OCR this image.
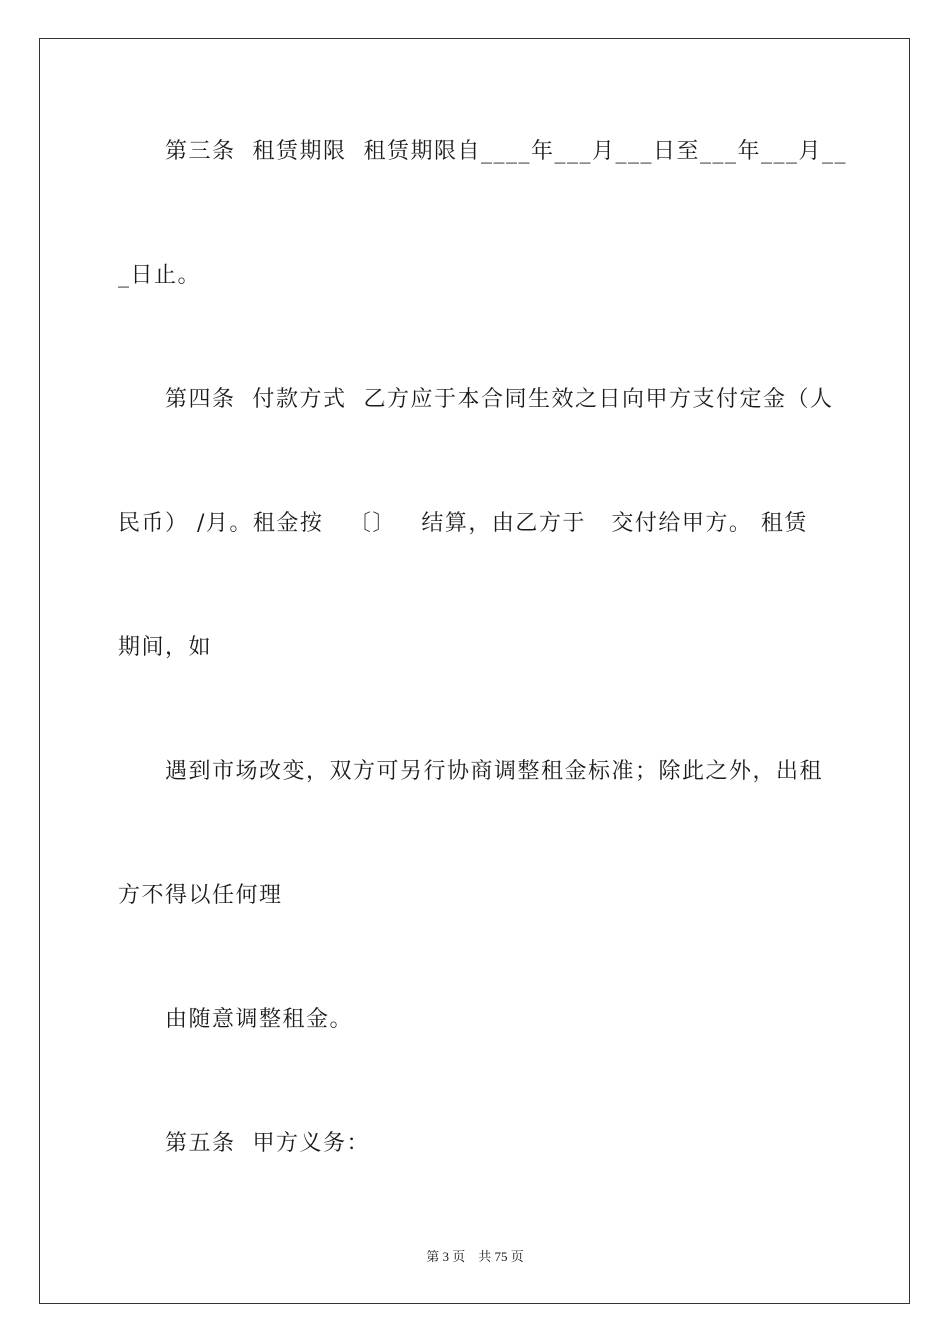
第三条  租赁期限  租赁期限自____年___月___日至___年___月__
_日止。
第四条  付款方式  乙方应于本合同生效之日向甲方支付定金（人
民币） /月。租金按   〔〕   结算，由乙方于   交付给甲方。 租赁
期间，如
遇到市场改变，双方可另行协商调整租金标准；除此之外，出租
方不得以任何理
由随意调整租金。
第五条  甲方义务：
第 3 页    共 75 页
